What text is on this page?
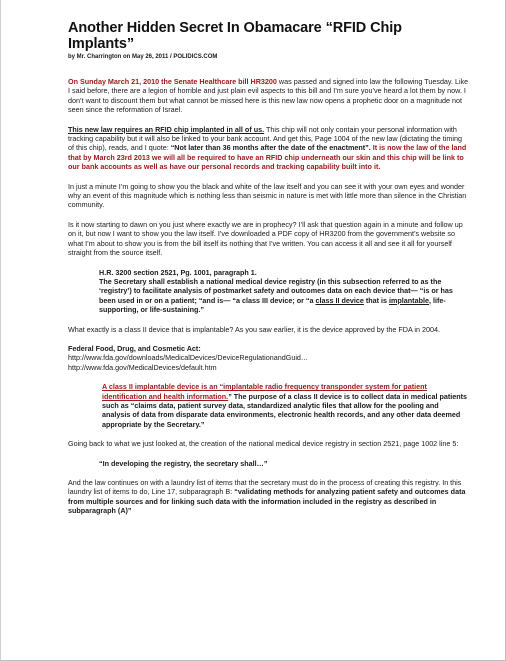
Another Hidden Secret In Obamacare “RFID Chip Implants”
by Mr. Charrington on May 26, 2011 / POLIDICS.COM

On Sunday March 21, 2010 the Senate Healthcare bill HR3200 was passed and signed into law the following Tuesday. Like I said before, there are a legion of horrible and just plain evil aspects to this bill and I’m sure you’ve heard a lot them by now. I don’t want to discount them but what cannot be missed here is this new law now opens a prophetic door on a magnitude not seen since the reformation of Israel.

This new law requires an RFID chip implanted in all of us. This chip will not only contain your personal information with tracking capability but it will also be linked to your bank account. And get this, Page 1004 of the new law (dictating the timing of this chip), reads, and I quote: “Not later than 36 months after the date of the enactment”. It is now the law of the land that by March 23rd 2013 we will all be required to have an RFID chip underneath our skin and this chip will be link to our bank accounts as well as have our personal records and tracking capability built into it.

In just a minute I’m going to show you the black and white of the law itself and you can see it with your own eyes and wonder why an event of this magnitude which is nothing less than seismic in nature is met with little more than silence in the Christian community.

Is it now starting to dawn on you just where exactly we are in prophecy? I’ll ask that question again in a minute and follow up on it, but now I want to show you the law itself. I’ve downloaded a PDF copy of HR3200 from the government’s website so what I’m about to show you is from the bill itself its nothing that I’ve written. You can access it all and see it all for yourself straight from the source itself.

H.R. 3200 section 2521, Pg. 1001, paragraph 1.

The Secretary shall establish a national medical device registry (in this subsection referred to as the ‘registry’) to facilitate analysis of postmarket safety and outcomes data on each device that— “is or has been used in or on a patient; “and is— “a class III device; or “a class II device that is implantable, life-supporting, or life-sustaining.”

What exactly is a class II device that is implantable? As you saw earlier, it is the device approved by the FDA in 2004.

Federal Food, Drug, and Cosmetic Act:

http://www.fda.gov/downloads/MedicalDevices/DeviceRegulationandGuid…

http://www.fda.gov/MedicalDevices/default.htm

A class II implantable device is an “implantable radio frequency transponder system for patient identification and health information.” The purpose of a class II device is to collect data in medical patients such as “claims data, patient survey data, standardized analytic files that allow for the pooling and analysis of data from disparate data environments, electronic health records, and any other data deemed appropriate by the Secretary.”

Going back to what we just looked at, the creation of the national medical device registry in section 2521, page 1002 line 5:

“In developing the registry, the secretary shall…”

And the law continues on with a laundry list of items that the secretary must do in the process of creating this registry. In this laundry list of items to do, Line 17, subparagraph B: “validating methods for analyzing patient safety and outcomes data from multiple sources and for linking such data with the information included in the registry as described in subparagraph (A)”
